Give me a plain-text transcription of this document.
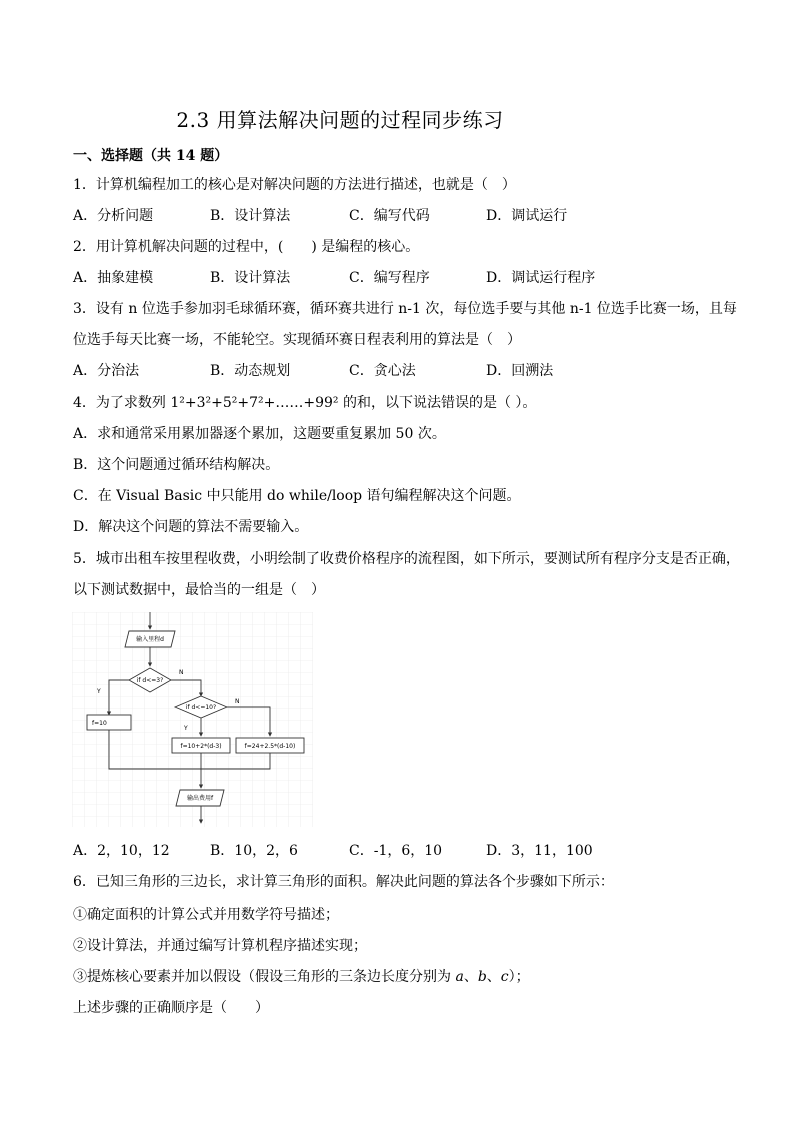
2.3 用算法解决问题的过程同步练习
一、选择题（共 14 题）
1．计算机编程加工的核心是对解决问题的方法进行描述，也就是（　）
A．分析问题	B．设计算法	C．编写代码	D．调试运行
2．用计算机解决问题的过程中，(　　) 是编程的核心。
A．抽象建模	B．设计算法	C．编写程序	D．调试运行程序
3．设有 n 位选手参加羽毛球循环赛，循环赛共进行 n-1 次，每位选手要与其他 n-1 位选手比赛一场，且每
位选手每天比赛一场，不能轮空。实现循环赛日程表利用的算法是（　）
A．分治法	B．动态规划	C．贪心法	D．回溯法
4．为了求数列 1²+3²+5²+7²+……+99² 的和，以下说法错误的是（ ）。
A．求和通常采用累加器逐个累加，这题要重复累加 50 次。
B．这个问题通过循环结构解决。
C．在 Visual Basic 中只能用 do while/loop 语句编程解决这个问题。
D．解决这个问题的算法不需要输入。
5．城市出租车按里程收费，小明绘制了收费价格程序的流程图，如下所示，要测试所有程序分支是否正确，
以下测试数据中，最恰当的一组是（　）
输入里程d
if d<=3?
Y
N
if d<=10?
Y
N
f=10
f=10+2*(d-3)	f=24+2.5*(d-10)
输出费用f
A．2，10，12	B．10，2，6	C．-1，6，10	D．3，11，100
6．已知三角形的三边长，求计算三角形的面积。解决此问题的算法各个步骤如下所示：
①确定面积的计算公式并用数学符号描述；
②设计算法，并通过编写计算机程序描述实现；
③提炼核心要素并加以假设（假设三角形的三条边长度分别为 a、b、c）；
上述步骤的正确顺序是（　　）
